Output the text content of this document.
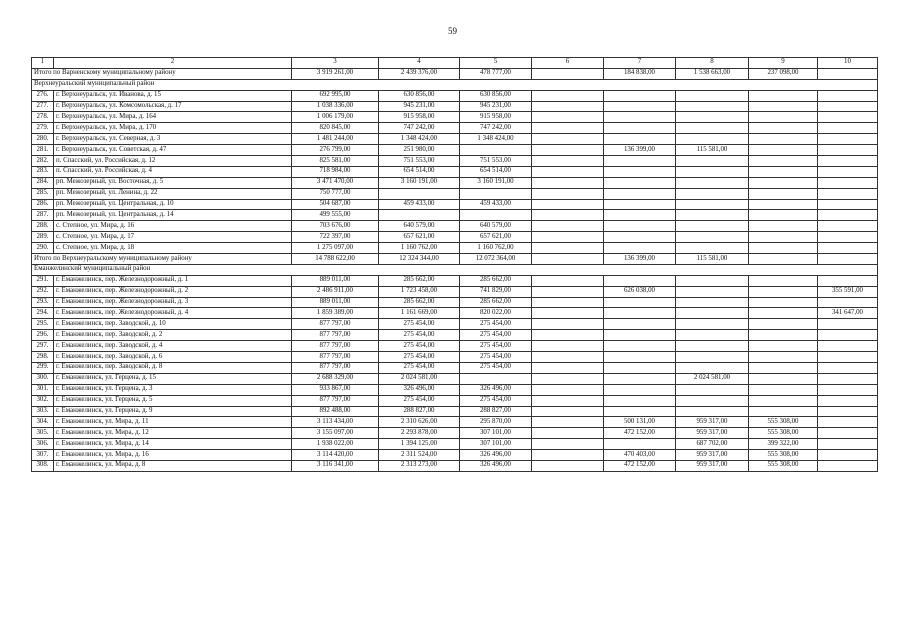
59
1	2	3	4	5	6	7	8	9	10
Итого по Варненскому муниципальному району		3 919 261,00	2 439 376,00	478 777,00		184 838,00	1 538 663,00	237 098,00	
Верхнеуральский муниципальный район									
276.	г. Верхнеуральск, ул. Иванова, д. 15	692 995,00	630 856,00	630 856,00					
277.	г. Верхнеуральск, ул. Комсомольская, д. 17	1 038 336,00	945 231,00	945 231,00					
278.	г. Верхнеуральск, ул. Мира, д. 164	1 006 179,00	915 958,00	915 958,00					
279.	г. Верхнеуральск, ул. Мира, д. 170	820 845,00	747 242,00	747 242,00					
280.	г. Верхнеуральск, ул. Северная, д. 3	1 481 244,00	1 348 424,00	1 348 424,00					
281.	г. Верхнеуральск, ул. Советская, д. 47	276 799,00	251 980,00			136 399,00	115 581,00		
282.	п. Спасский, ул. Российская, д. 12	825 581,00	751 553,00	751 553,00					
283.	п. Спасский, ул. Российская, д. 4	718 984,00	654 514,00	654 514,00					
284.	рп. Межозерный, ул. Восточная, д. 5	3 471 470,00	3 160 191,00	3 160 191,00					
285.	рп. Межозерный, ул. Ленина, д. 22	750 777,00							
286.	рп. Межозерный, ул. Центральная, д. 10	504 687,00	459 433,00	459 433,00					
287.	рп. Межозерный, ул. Центральная, д. 14	499 555,00							
288.	с. Степное, ул. Мира, д. 16	703 676,00	640 579,00	640 579,00					
289.	с. Степное, ул. Мира, д. 17	722 397,00	657 621,00	657 621,00					
290.	с. Степное, ул. Мира, д. 18	1 275 097,00	1 160 762,00	1 160 762,00					
Итого по Верхнеуральскому муниципальному району		14 788 622,00	12 324 344,00	12 072 364,00		136 399,00	115 581,00		
Еманжелинский муниципальный район									
291.	г. Еманжелинск, пер. Железнодорожный, д. 1	889 011,00	285 662,00	285 662,00					
292.	г. Еманжелинск, пер. Железнодорожный, д. 2	2 486 911,00	1 723 458,00	741 829,00		626 038,00			355 591,00
293.	г. Еманжелинск, пер. Железнодорожный, д. 3	889 011,00	285 662,00	285 662,00					
294.	г. Еманжелинск, пер. Железнодорожный, д. 4	1 859 389,00	1 161 669,00	820 022,00					341 647,00
295.	г. Еманжелинск, пер. Заводской, д. 10	877 797,00	275 454,00	275 454,00					
296.	г. Еманжелинск, пер. Заводской, д. 2	877 797,00	275 454,00	275 454,00					
297.	г. Еманжелинск, пер. Заводской, д. 4	877 797,00	275 454,00	275 454,00					
298.	г. Еманжелинск, пер. Заводской, д. 6	877 797,00	275 454,00	275 454,00					
299.	г. Еманжелинск, пер. Заводской, д. 8	877 797,00	275 454,00	275 454,00					
300.	г. Еманжелинск, ул. Герцена, д. 15	2 688 329,00	2 024 581,00				2 024 581,00		
301.	г. Еманжелинск, ул. Герцена, д. 3	933 867,00	326 496,00	326 496,00					
302.	г. Еманжелинск, ул. Герцена, д. 5	877 797,00	275 454,00	275 454,00					
303.	г. Еманжелинск, ул. Герцена, д. 9	892 488,00	288 827,00	288 827,00					
304.	г. Еманжелинск, ул. Мира, д. 11	3 113 434,00	2 310 626,00	295 870,00		500 131,00	959 317,00	555 308,00	
305.	г. Еманжелинск, ул. Мира, д. 12	3 155 097,00	2 293 878,00	307 101,00		472 152,00	959 317,00	555 308,00	
306.	г. Еманжелинск, ул. Мира, д. 14	1 938 022,00	1 394 125,00	307 101,00			687 702,00	399 322,00	
307.	г. Еманжелинск, ул. Мира, д. 16	3 114 420,00	2 311 524,00	326 496,00		470 403,00	959 317,00	555 308,00	
308.	г. Еманжелинск, ул. Мира, д. 8	3 116 341,00	2 313 273,00	326 496,00		472 152,00	959 317,00	555 308,00	
